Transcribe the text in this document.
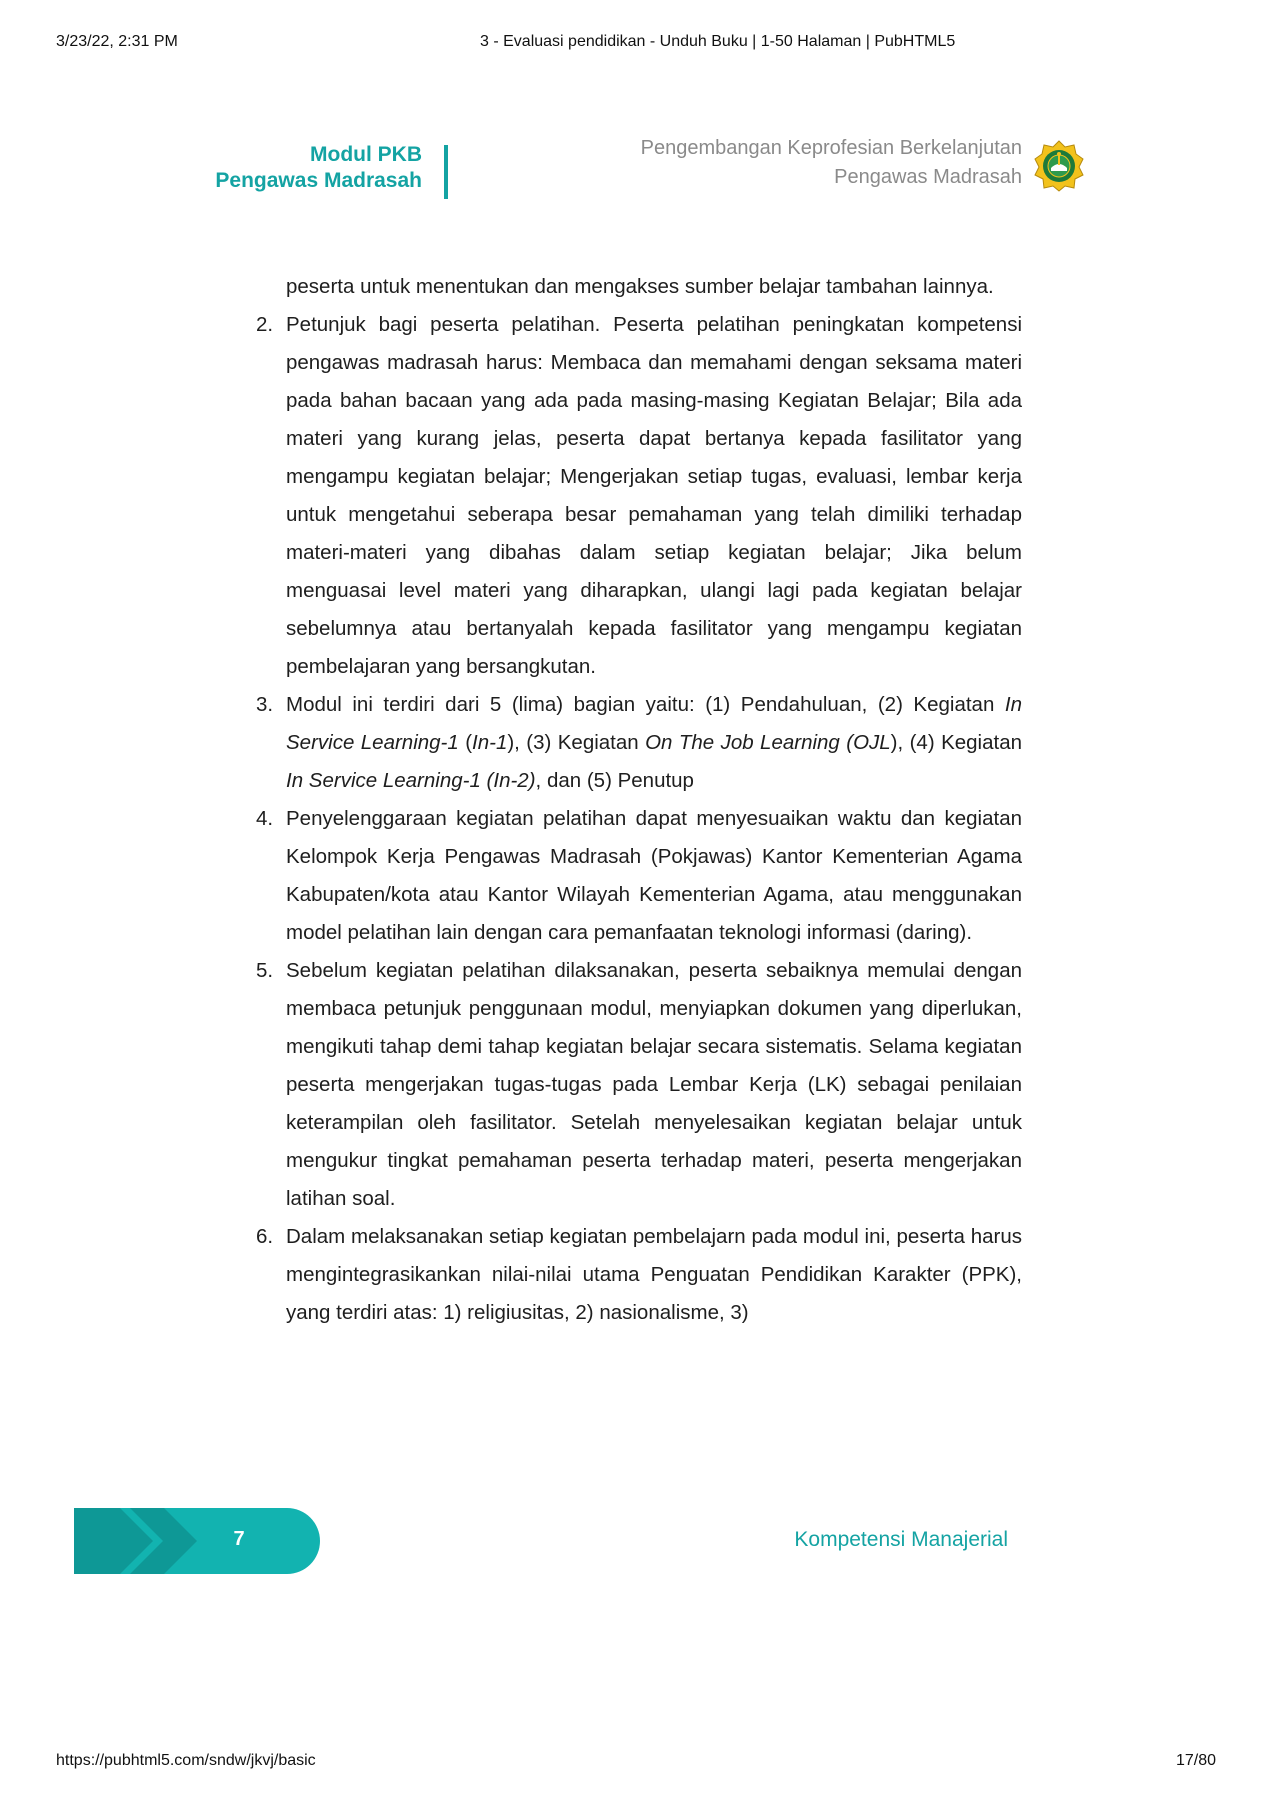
3/23/22, 2:31 PM	3 - Evaluasi pendidikan - Unduh Buku | 1-50 Halaman | PubHTML5
Modul PKB
Pengawas Madrasah
Pengembangan Keprofesian Berkelanjutan
Pengawas Madrasah

peserta untuk menentukan dan mengakses sumber belajar tambahan lainnya.

2. Petunjuk bagi peserta pelatihan. Peserta pelatihan peningkatan kompetensi pengawas madrasah harus: Membaca dan memahami dengan seksama materi pada bahan bacaan yang ada pada masing-masing Kegiatan Belajar; Bila ada materi yang kurang jelas, peserta dapat bertanya kepada fasilitator yang mengampu kegiatan belajar; Mengerjakan setiap tugas, evaluasi, lembar kerja untuk mengetahui seberapa besar pemahaman yang telah dimiliki terhadap materi-materi yang dibahas dalam setiap kegiatan belajar; Jika belum menguasai level materi yang diharapkan, ulangi lagi pada kegiatan belajar sebelumnya atau bertanyalah kepada fasilitator yang mengampu kegiatan pembelajaran yang bersangkutan.
3. Modul ini terdiri dari 5 (lima) bagian yaitu: (1) Pendahuluan, (2) Kegiatan In Service Learning-1 (In-1), (3) Kegiatan On The Job Learning (OJL), (4) Kegiatan In Service Learning-1 (In-2), dan (5) Penutup
4. Penyelenggaraan kegiatan pelatihan dapat menyesuaikan waktu dan kegiatan Kelompok Kerja Pengawas Madrasah (Pokjawas) Kantor Kementerian Agama Kabupaten/kota atau Kantor Wilayah Kementerian Agama, atau menggunakan model pelatihan lain dengan cara pemanfaatan teknologi informasi (daring).
5. Sebelum kegiatan pelatihan dilaksanakan, peserta sebaiknya memulai dengan membaca petunjuk penggunaan modul, menyiapkan dokumen yang diperlukan, mengikuti tahap demi tahap kegiatan belajar secara sistematis. Selama kegiatan peserta mengerjakan tugas-tugas pada Lembar Kerja (LK) sebagai penilaian keterampilan oleh fasilitator. Setelah menyelesaikan kegiatan belajar untuk mengukur tingkat pemahaman peserta terhadap materi, peserta mengerjakan latihan soal.
6. Dalam melaksanakan setiap kegiatan pembelajarn pada modul ini, peserta harus mengintegrasikankan nilai-nilai utama Penguatan Pendidikan Karakter (PPK), yang terdiri atas: 1) religiusitas, 2) nasionalisme, 3)
7	Kompetensi Manajerial
https://pubhtml5.com/sndw/jkvj/basic	17/80
